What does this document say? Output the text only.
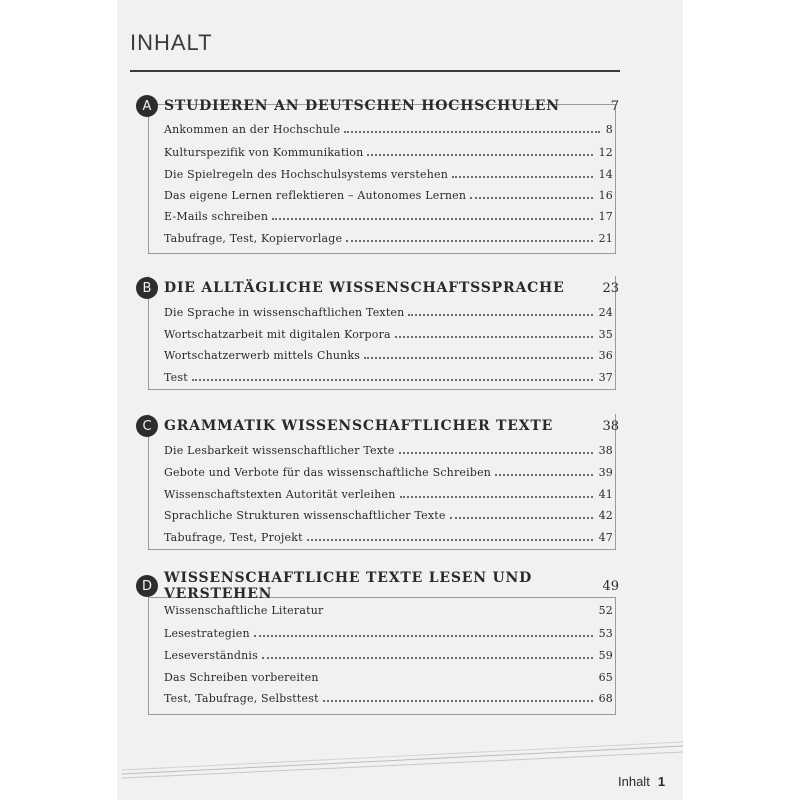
INHALT
A STUDIEREN AN DEUTSCHEN HOCHSCHULEN	7
Ankommen an der Hochschule	8
Kulturspezifik von Kommunikation	12
Die Spielregeln des Hochschulsystems verstehen	14
Das eigene Lernen reflektieren – Autonomes Lernen	16
E-Mails schreiben	17
Tabufrage, Test, Kopiervorlage	21
B DIE ALLTÄGLICHE WISSENSCHAFTSSPRACHE	23
Die Sprache in wissenschaftlichen Texten	24
Wortschatzarbeit mit digitalen Korpora	35
Wortschatzerwerb mittels Chunks	36
Test	37
C GRAMMATIK WISSENSCHAFTLICHER TEXTE	38
Die Lesbarkeit wissenschaftlicher Texte	38
Gebote und Verbote für das wissenschaftliche Schreiben	39
Wissenschaftstexten Autorität verleihen	41
Sprachliche Strukturen wissenschaftlicher Texte	42
Tabufrage, Test, Projekt	47
D WISSENSCHAFTLICHE TEXTE LESEN UND VERSTEHEN	49
Wissenschaftliche Literatur	52
Lesestrategien	53
Leseverständnis	59
Das Schreiben vorbereiten	65
Test, Tabufrage, Selbsttest	68
Inhalt 1
